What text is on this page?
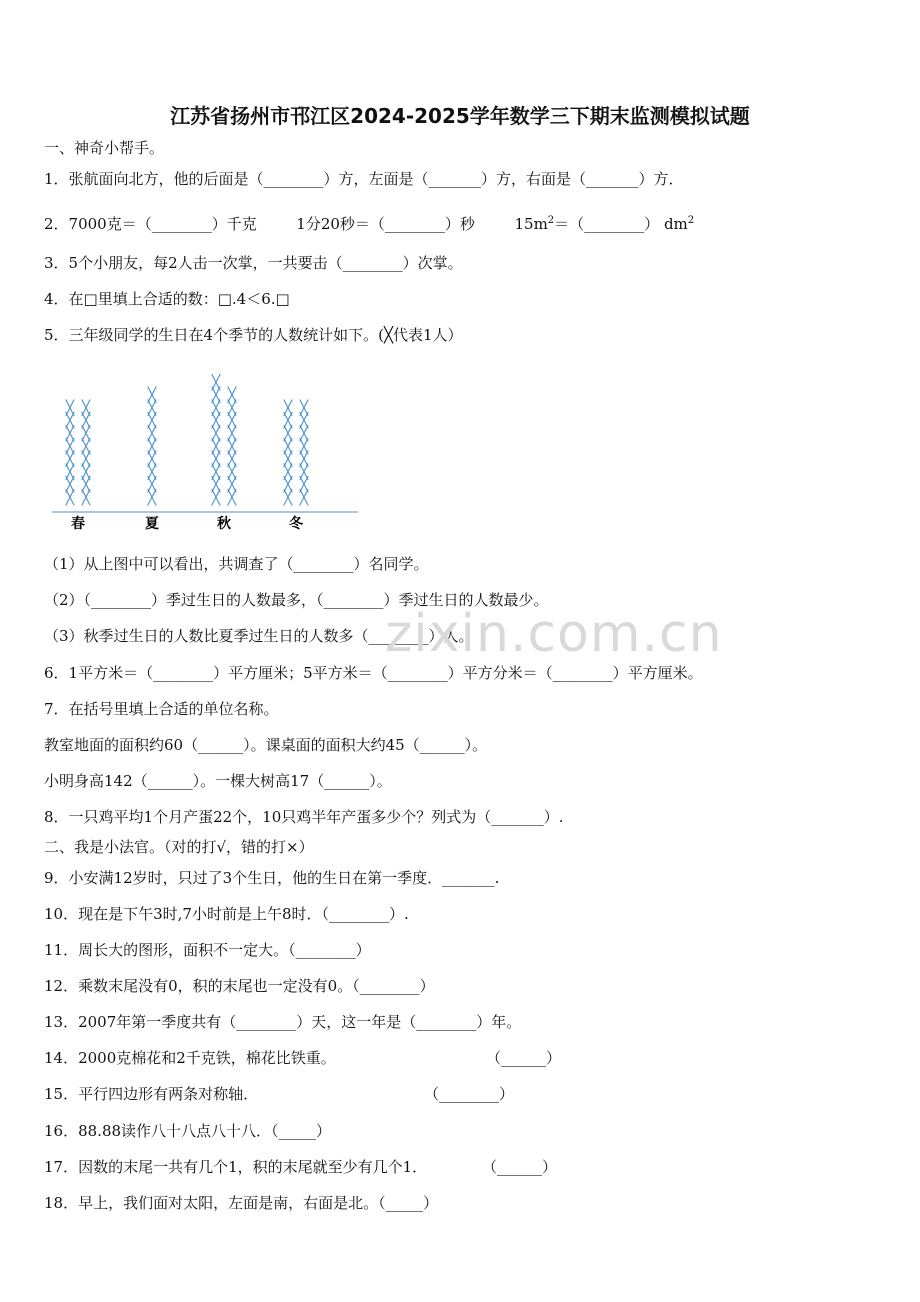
江苏省扬州市邗江区2024-2025学年数学三下期末监测模拟试题
一、神奇小帮手。
1．张航面向北方，他的后面是（________）方，左面是（_______）方，右面是（_______）方．
2．7000克＝（________）千克	1分20秒＝（________）秒	$15m^2=(\_\_\_\_\_\_\_\_)$ $dm^2$
3．5个小朋友，每2人击一次掌，一共要击（________）次掌。
4．在□里填上合适的数：□.4＜6.□
5．三年级同学的生日在4个季节的人数统计如下。(╳代表1人）
╳
╳
╳
╳
╳
╳
╳
╳
╳
╳
╳
╳
╳
╳
╳
╳
春
╳
╳
╳
╳
╳
╳
╳
╳
╳
夏
╳
╳
╳
╳
╳
╳
╳
╳
╳
╳
╳
╳
╳
╳
╳
╳
╳
╳
╳
秋
╳
╳
╳
╳
╳
╳
╳
╳
╳
╳
╳
╳
╳
╳
╳
╳
冬
（1）从上图中可以看出，共调查了（________）名同学。
（2）（________）季过生日的人数最多，（________）季过生日的人数最少。
（3）秋季过生日的人数比夏季过生日的人数多（________）人。
6．1平方米＝（________）平方厘米；5平方米＝（________）平方分米＝（________）平方厘米。
7．在括号里填上合适的单位名称。
教室地面的面积约60（______）。课桌面的面积大约45（______）。
小明身高142（______）。一棵大树高17（______）。
8．一只鸡平均1个月产蛋22个，10只鸡半年产蛋多少个？列式为（_______）.
二、我是小法官。（对的打√，错的打×）
9．小安满12岁时，只过了3个生日，他的生日在第一季度．_______.
10．现在是下午3时,7小时前是上午8时．（________）.
11．周长大的图形，面积不一定大。（________）
12．乘数末尾没有0，积的末尾也一定没有0。（________）
13．2007年第一季度共有（________）天，这一年是（________）年。
14．2000克棉花和2千克铁，棉花比铁重。	（______）
15．平行四边形有两条对称轴．	（________）
16．88.88读作八十八点八十八．（_____）
17．因数的末尾一共有几个1，积的末尾就至少有几个1．	（______）
18．早上，我们面对太阳，左面是南，右面是北。（_____）
zixin.com.cn
